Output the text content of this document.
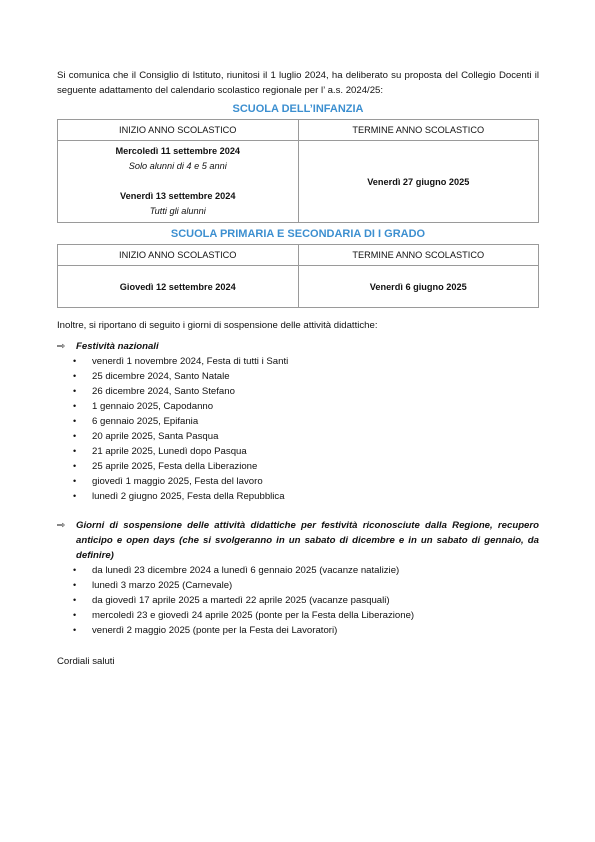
Si comunica che il Consiglio di Istituto, riunitosi il 1 luglio 2024, ha deliberato su proposta del Collegio Docenti il seguente adattamento del calendario scolastico regionale per l’ a.s. 2024/25:

SCUOLA DELL’INFANZIA
INIZIO ANNO SCOLASTICO	TERMINE ANNO SCOLASTICO

Mercoledì 11 settembre 2024
Solo alunni di 4 e 5 anni
Venerdì 13 settembre 2024
Tutti gli alunni	Venerdì 27 giugno 2025
SCUOLA PRIMARIA E SECONDARIA DI I GRADO
INIZIO ANNO SCOLASTICO	TERMINE ANNO SCOLASTICO
Giovedì 12 settembre 2024	Venerdì 6 giugno 2025

Inoltre, si riportano di seguito i giorni di sospensione delle attività didattiche:

⇨	Festività nazionali
•	venerdì 1 novembre 2024, Festa di tutti i Santi
•	25 dicembre 2024, Santo Natale
•	26 dicembre 2024, Santo Stefano
•	1 gennaio 2025, Capodanno
•	6 gennaio 2025, Epifania
•	20 aprile 2025, Santa Pasqua
•	21 aprile 2025, Lunedì dopo Pasqua
•	25 aprile 2025, Festa della Liberazione
•	giovedì 1 maggio 2025, Festa del lavoro
•	lunedì 2 giugno 2025, Festa della Repubblica
⇨	Giorni di sospensione delle attività didattiche per festività riconosciute dalla Regione, recupero anticipo e open days (che si svolgeranno in un sabato di dicembre e in un sabato di gennaio, da definire)
•	da lunedì 23 dicembre 2024 a lunedì 6 gennaio 2025 (vacanze natalizie)
•	lunedì 3 marzo 2025 (Carnevale)
•	da giovedì 17 aprile 2025 a martedì 22 aprile 2025 (vacanze pasquali)
•	mercoledì 23 e giovedì 24 aprile 2025 (ponte per la Festa della Liberazione)
•	venerdì 2 maggio 2025 (ponte per la Festa dei Lavoratori)

Cordiali saluti
